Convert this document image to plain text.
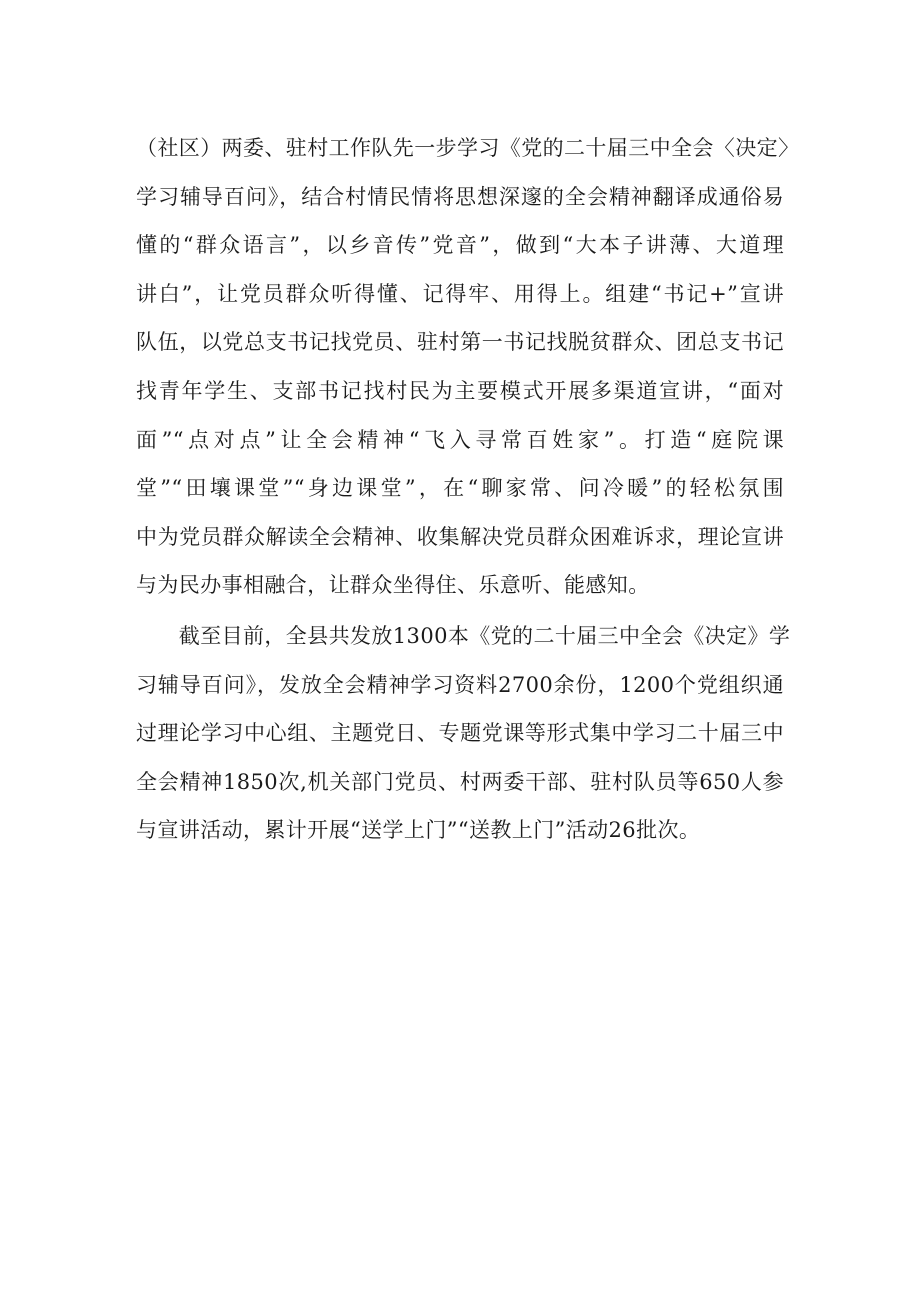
（社区）两委、驻村工作队先一步学习《党的二十届三中全会〈决定〉
学习辅导百问》，结合村情民情将思想深邃的全会精神翻译成通俗易
懂的“群众语言”，以乡音传”党音”，做到“大本子讲薄、大道理
讲白”，让党员群众听得懂、记得牢、用得上。组建“书记+”宣讲
队伍，以党总支书记找党员、驻村第一书记找脱贫群众、团总支书记
找青年学生、支部书记找村民为主要模式开展多渠道宣讲，“面对
面”“点对点”让全会精神“飞入寻常百姓家”。打造“庭院课
堂”“田壤课堂”“身边课堂”，在“聊家常、问冷暖”的轻松氛围
中为党员群众解读全会精神、收集解决党员群众困难诉求，理论宣讲
与为民办事相融合，让群众坐得住、乐意听、能感知。
　　截至目前，全县共发放1300本《党的二十届三中全会《决定》学
习辅导百问》，发放全会精神学习资料2700余份，1200个党组织通
过理论学习中心组、主题党日、专题党课等形式集中学习二十届三中
全会精神1850次,机关部门党员、村两委干部、驻村队员等650人参
与宣讲活动，累计开展“送学上门”“送教上门”活动26批次。
